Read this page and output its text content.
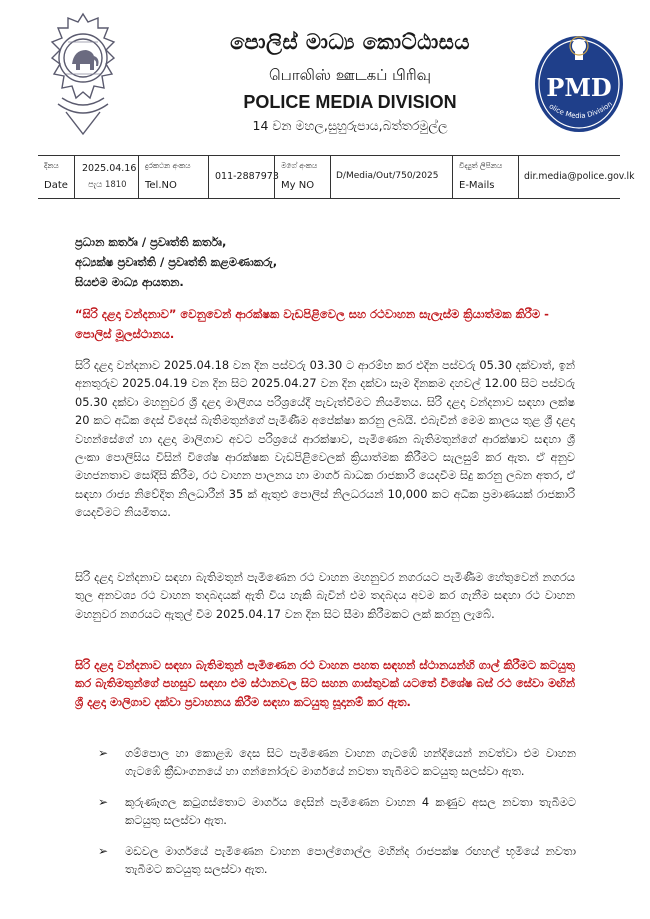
පොලිස් මාධ්‍ය කොට්ඨාසය
பொலிஸ் ஊடகப் பிரிவு
POLICE MEDIA DIVISION
14 වන මහල,සුහුරුපාය,බත්තරමුල්ල
PMD
olice Media Division
දිනය
Date
2025.04.16
පැය 1810
දුරකථන අංකය
Tel.NO
011-2887973
මගේ අංකය
My NO
D/Media/Out/750/2025
විද්‍යුත් ලිපිනය
E-Mails
dir.media@police.gov.lk
ප්‍රධාන කර්තෘ / ප්‍රවෘත්ති කර්තෘ,
අධ්‍යක්ෂ ප්‍රවෘත්ති / ප්‍රවෘත්ති කළමණාකරු,
සියළුම මාධ්‍ය ආයතන.
“සිරි දළදා වන්දනාව” වෙනුවෙන් ආරක්ෂක වැඩපිළිවෙල සහ රථවාහන සැලැස්ම ක්‍රියාත්මක කිරීම - පොලිස් මූලස්ථානය.
සිරි දළදා වන්දනාව 2025.04.18 වන දින පස්වරු 03.30 ට ආරම්භ කර එදින පස්වරු 05.30 දක්වාත්, ඉන් අනතුරුව 2025.04.19 වන දින සිට 2025.04.27 වන දින දක්වා සෑම දිනකම දහවල් 12.00 සිට පස්වරු 05.30 දක්වා මහනුවර ශ්‍රී දළදා මාලිගය පරිශ්‍රයේදී පැවැත්වීමට නියමිතය. සිරි දළදා වන්දනාව සඳහා ලක්ෂ 20 කට අධික දෙස් විදෙස් බැතිමතුන්ගේ පැමිණීම අපේක්ෂා කරනු ලබයි. එබැවින් මෙම කාලය තුළ ශ්‍රී දළදා වහන්සේගේ හා දළදා මාලිගාව අවට පරිශ්‍රයේ ආරක්ෂාව, පැමිණෙන බැතිමතුන්ගේ ආරක්ෂාව සඳහා ශ්‍රී ලංකා පොලිසිය විසින් විශේෂ ආරක්ෂක වැඩපිළිවෙලක් ක්‍රියාත්මක කිරීමට සැලසුම් කර ඇත. ඒ අනුව මහජනතාව සෝදිසි කිරීම, රථ වාහන පාලනය හා මාර්ග බාධක රාජකාරි යෙදවීම සිදු කරනු ලබන අතර, ඒ සඳහා රාජ්‍ය නිවේදිත නිලධාරීන් 35 ක් ඇතුළු පොලිස් නිලධරයන් 10,000 කට අධික ප්‍රමාණයක් රාජකාරි යෙදවීමට නියමිතය.
සිරි දළදා වන්දනාව සඳහා බැතිමතුන් පැමිණෙන රථ වාහන මහනුවර නගරයට පැමිණීම හේතුවෙන් නගරය තුල අනවශ්‍ය රථ වාහන තදබදයක් ඇති විය හැකි බැවින් එම තදබදය අවම කර ගැනීම සඳහා රථ වාහන මහනුවර නගරයට ඇතුල් වීම 2025.04.17 වන දින සිට සීමා කිරීමකට ලක් කරනු ලැබේ.
සිරි දළදා වන්දනාව සඳහා බැතිමතුන් පැමිණෙන රථ වාහන පහත සඳහන් ස්ථානයන්හි ගාල් කිරීමට කටයුතු කර බැතිමතුන්ගේ පහසුව සඳහා එම ස්ථානවල සිට සහන ගාස්තුවක් යටතේ විශේෂ බස් රථ සේවා මඟින් ශ්‍රී දළදා මාලිගාව දක්වා ප්‍රවාහනය කිරීම සඳහා කටයුතු සූදානම් කර ඇත.
➢ ගම්පොල හා කොළඹ දෙස සිට පැමිණෙන වාහන ගැටඹේ හන්දියෙන් නවත්වා එම වාහන ගැටඹේ ක්‍රීඩාංගනයේ හා ගන්නෝරුව මාර්ගයේ නවතා තැබීමට කටයුතු සලස්වා ඇත.
➢ කුරුණෑගල කටුගස්තොට මාර්ගය දෙසින් පැමිණෙන වාහන 4 කණුව අසල නවතා තැබීමට කටයුතු සලස්වා ඇත.
➢ මඩවල මාර්ගයේ පැමිණෙන වාහන පොල්ගොල්ල මහින්ද රාජපක්ෂ රඟහල් භූමියේ නවතා තැබීමට කටයුතු සලස්වා ඇත.
